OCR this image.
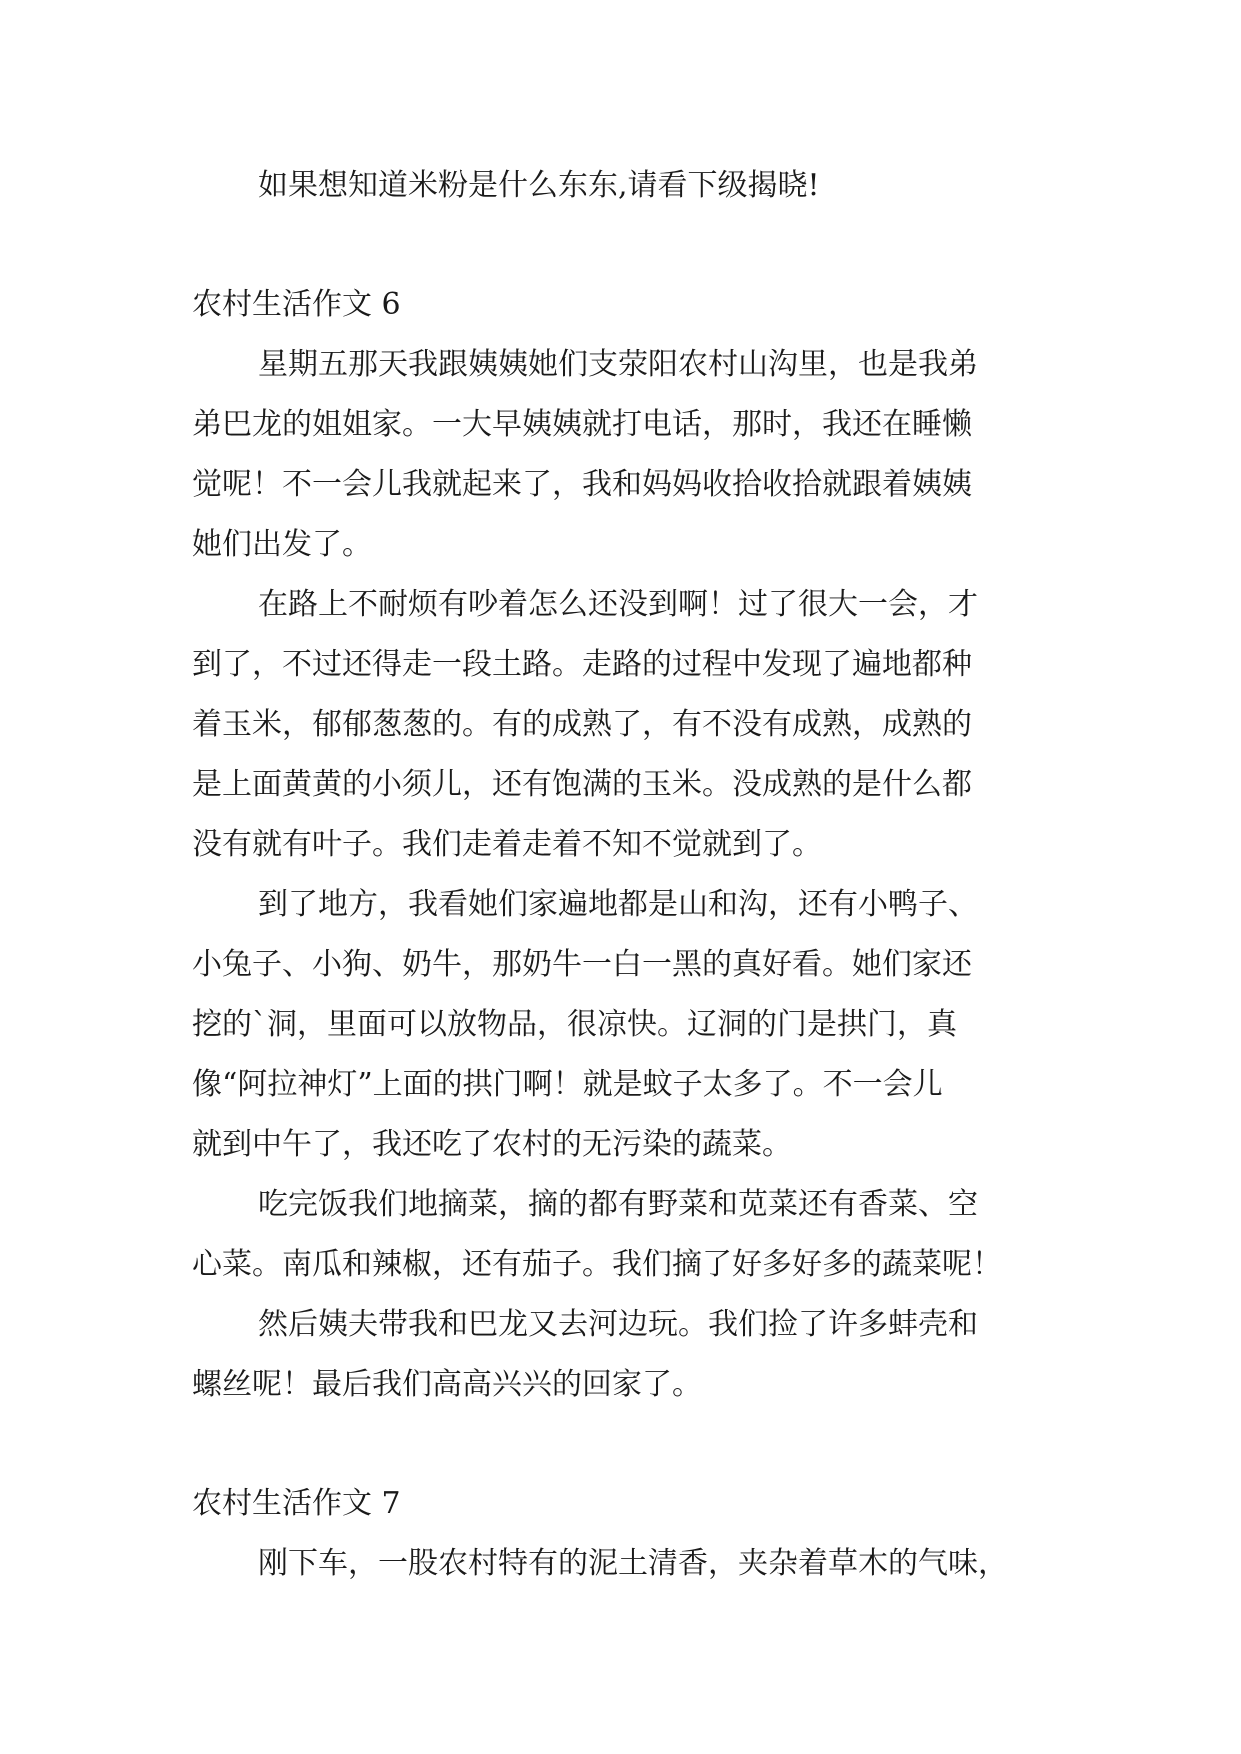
如果想知道米粉是什么东东,请看下级揭晓!
农村生活作文 6
星期五那天我跟姨姨她们支荥阳农村山沟里，也是我弟
弟巴龙的姐姐家。一大早姨姨就打电话，那时，我还在睡懒
觉呢！不一会儿我就起来了，我和妈妈收拾收拾就跟着姨姨
她们出发了。
在路上不耐烦有吵着怎么还没到啊！过了很大一会，才
到了，不过还得走一段土路。走路的过程中发现了遍地都种
着玉米，郁郁葱葱的。有的成熟了，有不没有成熟，成熟的
是上面黄黄的小须儿，还有饱满的玉米。没成熟的是什么都
没有就有叶子。我们走着走着不知不觉就到了。
到了地方，我看她们家遍地都是山和沟，还有小鸭子、
小兔子、小狗、奶牛，那奶牛一白一黑的真好看。她们家还
挖的`洞，里面可以放物品，很凉快。辽洞的门是拱门，真
像“阿拉神灯”上面的拱门啊！就是蚊子太多了。不一会儿
就到中午了，我还吃了农村的无污染的蔬菜。
吃完饭我们地摘菜，摘的都有野菜和苋菜还有香菜、空
心菜。南瓜和辣椒，还有茄子。我们摘了好多好多的蔬菜呢！
然后姨夫带我和巴龙又去河边玩。我们捡了许多蚌壳和
螺丝呢！最后我们高高兴兴的回家了。
农村生活作文 7
刚下车，一股农村特有的泥土清香，夹杂着草木的气味，
